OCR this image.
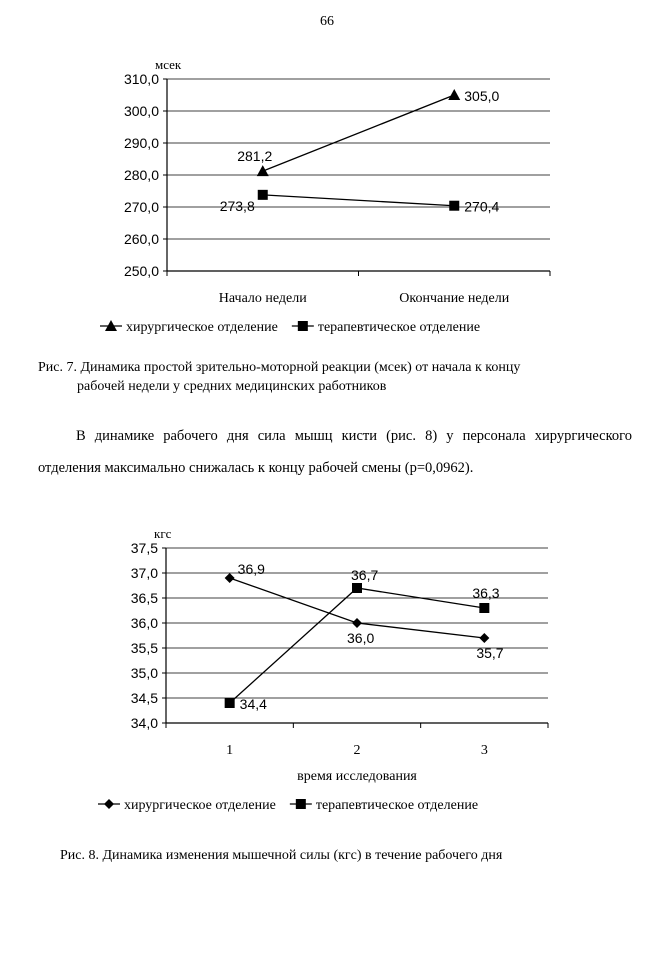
66
250,0
260,0
270,0
280,0
290,0
300,0
310,0
мсек
Начало недели	Окончание недели
281,2
305,0
273,8	270,4
хирургическое отделение	терапевтическое отделение
Рис. 7. Динамика простой зрительно-моторной реакции (мсек) от начала к концу
рабочей недели у средних медицинских работников
В динамике рабочего дня сила мышц кисти (рис. 8) у персонала хирургического отделения максимально снижалась к концу рабочей смены (р=0,0962).
34,0
34,5
35,0
35,5
36,0
36,5
37,0
37,5
кгс
1	2	3
время исследования
36,9
36,0
35,7
34,4
36,7
36,3
хирургическое отделение	терапевтическое отделение
Рис. 8. Динамика изменения мышечной силы (кгс) в течение рабочего дня
